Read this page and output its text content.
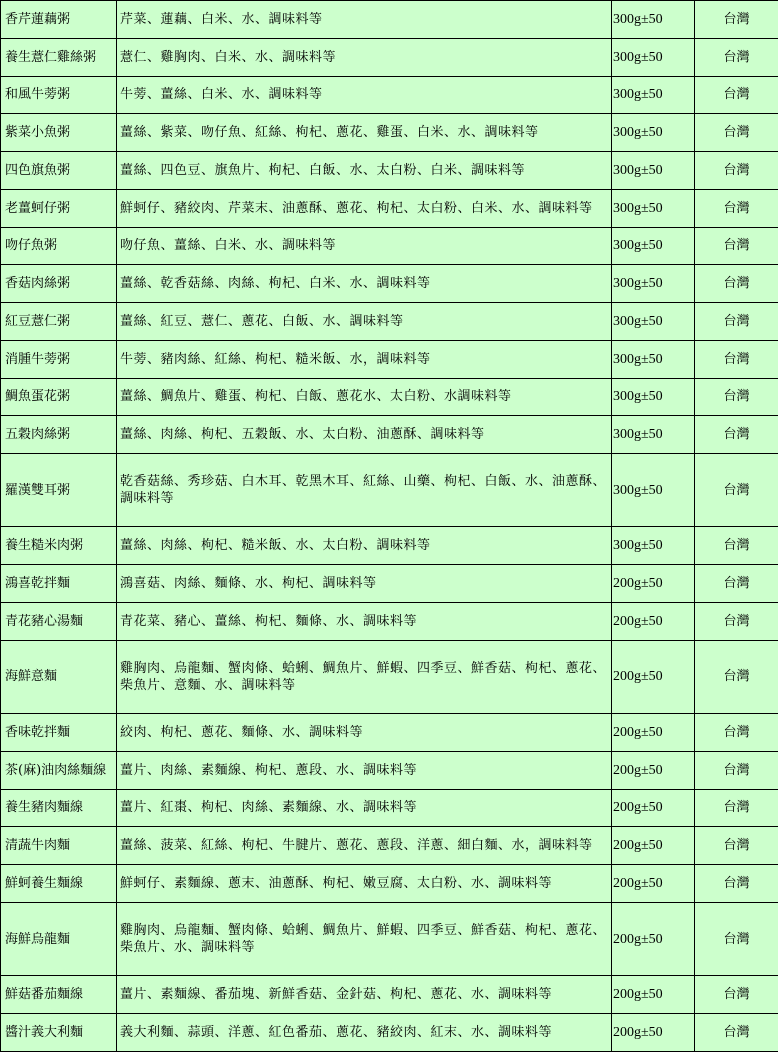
香芹蓮藕粥	芹菜、蓮藕、白米、水、調味料等	300g±50	台灣
養生薏仁雞絲粥	薏仁、雞胸肉、白米、水、調味料等	300g±50	台灣
和風牛蒡粥	牛蒡、薑絲、白米、水、調味料等	300g±50	台灣
紫菜小魚粥	薑絲、紫菜、吻仔魚、紅絲、枸杞、蔥花、雞蛋、白米、水、調味料等	300g±50	台灣
四色旗魚粥	薑絲、四色豆、旗魚片、枸杞、白飯、水、太白粉、白米、調味料等	300g±50	台灣
老薑蚵仔粥	鮮蚵仔、豬絞肉、芹菜末、油蔥酥、蔥花、枸杞、太白粉、白米、水、調味料等	300g±50	台灣
吻仔魚粥	吻仔魚、薑絲、白米、水、調味料等	300g±50	台灣
香菇肉絲粥	薑絲、乾香菇絲、肉絲、枸杞、白米、水、調味料等	300g±50	台灣
紅豆薏仁粥	薑絲、紅豆、薏仁、蔥花、白飯、水、調味料等	300g±50	台灣
消腫牛蒡粥	牛蒡、豬肉絲、紅絲、枸杞、糙米飯、水，調味料等	300g±50	台灣
鯛魚蛋花粥	薑絲、鯛魚片、雞蛋、枸杞、白飯、蔥花水、太白粉、水調味料等	300g±50	台灣
五穀肉絲粥	薑絲、肉絲、枸杞、五穀飯、水、太白粉、油蔥酥、調味料等	300g±50	台灣
羅漢雙耳粥	乾香菇絲、秀珍菇、白木耳、乾黑木耳、紅絲、山藥、枸杞、白飯、水、油蔥酥、調味料等	300g±50	台灣
養生糙米肉粥	薑絲、肉絲、枸杞、糙米飯、水、太白粉、調味料等	300g±50	台灣
鴻喜乾拌麵	鴻喜菇、肉絲、麵條、水、枸杞、調味料等	200g±50	台灣
青花豬心湯麵	青花菜、豬心、薑絲、枸杞、麵條、水、調味料等	200g±50	台灣
海鮮意麵	雞胸肉、烏龍麵、蟹肉條、蛤蜊、鯛魚片、鮮蝦、四季豆、鮮香菇、枸杞、蔥花、柴魚片、意麵、水、調味料等	200g±50	台灣
香味乾拌麵	絞肉、枸杞、蔥花、麵條、水、調味料等	200g±50	台灣
茶(麻)油肉絲麵線	薑片、肉絲、素麵線、枸杞、蔥段、水、調味料等	200g±50	台灣
養生豬肉麵線	薑片、紅棗、枸杞、肉絲、素麵線、水、調味料等	200g±50	台灣
清蔬牛肉麵	薑絲、菠菜、紅絲、枸杞、牛腱片、蔥花、蔥段、洋蔥、細白麵、水，調味料等	200g±50	台灣
鮮蚵養生麵線	鮮蚵仔、素麵線、蔥末、油蔥酥、枸杞、嫩豆腐、太白粉、水、調味料等	200g±50	台灣
海鮮烏龍麵	雞胸肉、烏龍麵、蟹肉條、蛤蜊、鯛魚片、鮮蝦、四季豆、鮮香菇、枸杞、蔥花、柴魚片、水、調味料等	200g±50	台灣
鮮菇番茄麵線	薑片、素麵線、番茄塊、新鮮香菇、金針菇、枸杞、蔥花、水、調味料等	200g±50	台灣
醬汁義大利麵	義大利麵、蒜頭、洋蔥、紅色番茄、蔥花、豬絞肉、紅末、水、調味料等	200g±50	台灣
